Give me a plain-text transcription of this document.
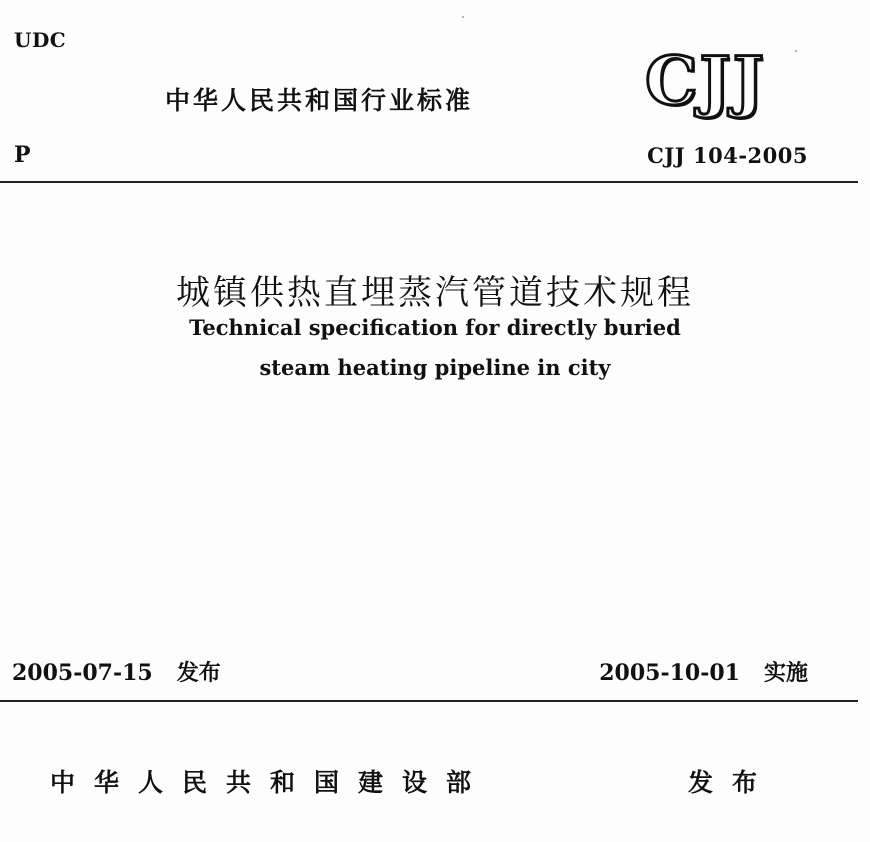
UDC
中华人民共和国行业标准	CJJ
P	CJJ 104-2005
城镇供热直埋蒸汽管道技术规程
Technical specification for directly buried
steam heating pipeline in city
2005-07-15 发布	2005-10-01 实施
中华人民共和国建设部	发布
